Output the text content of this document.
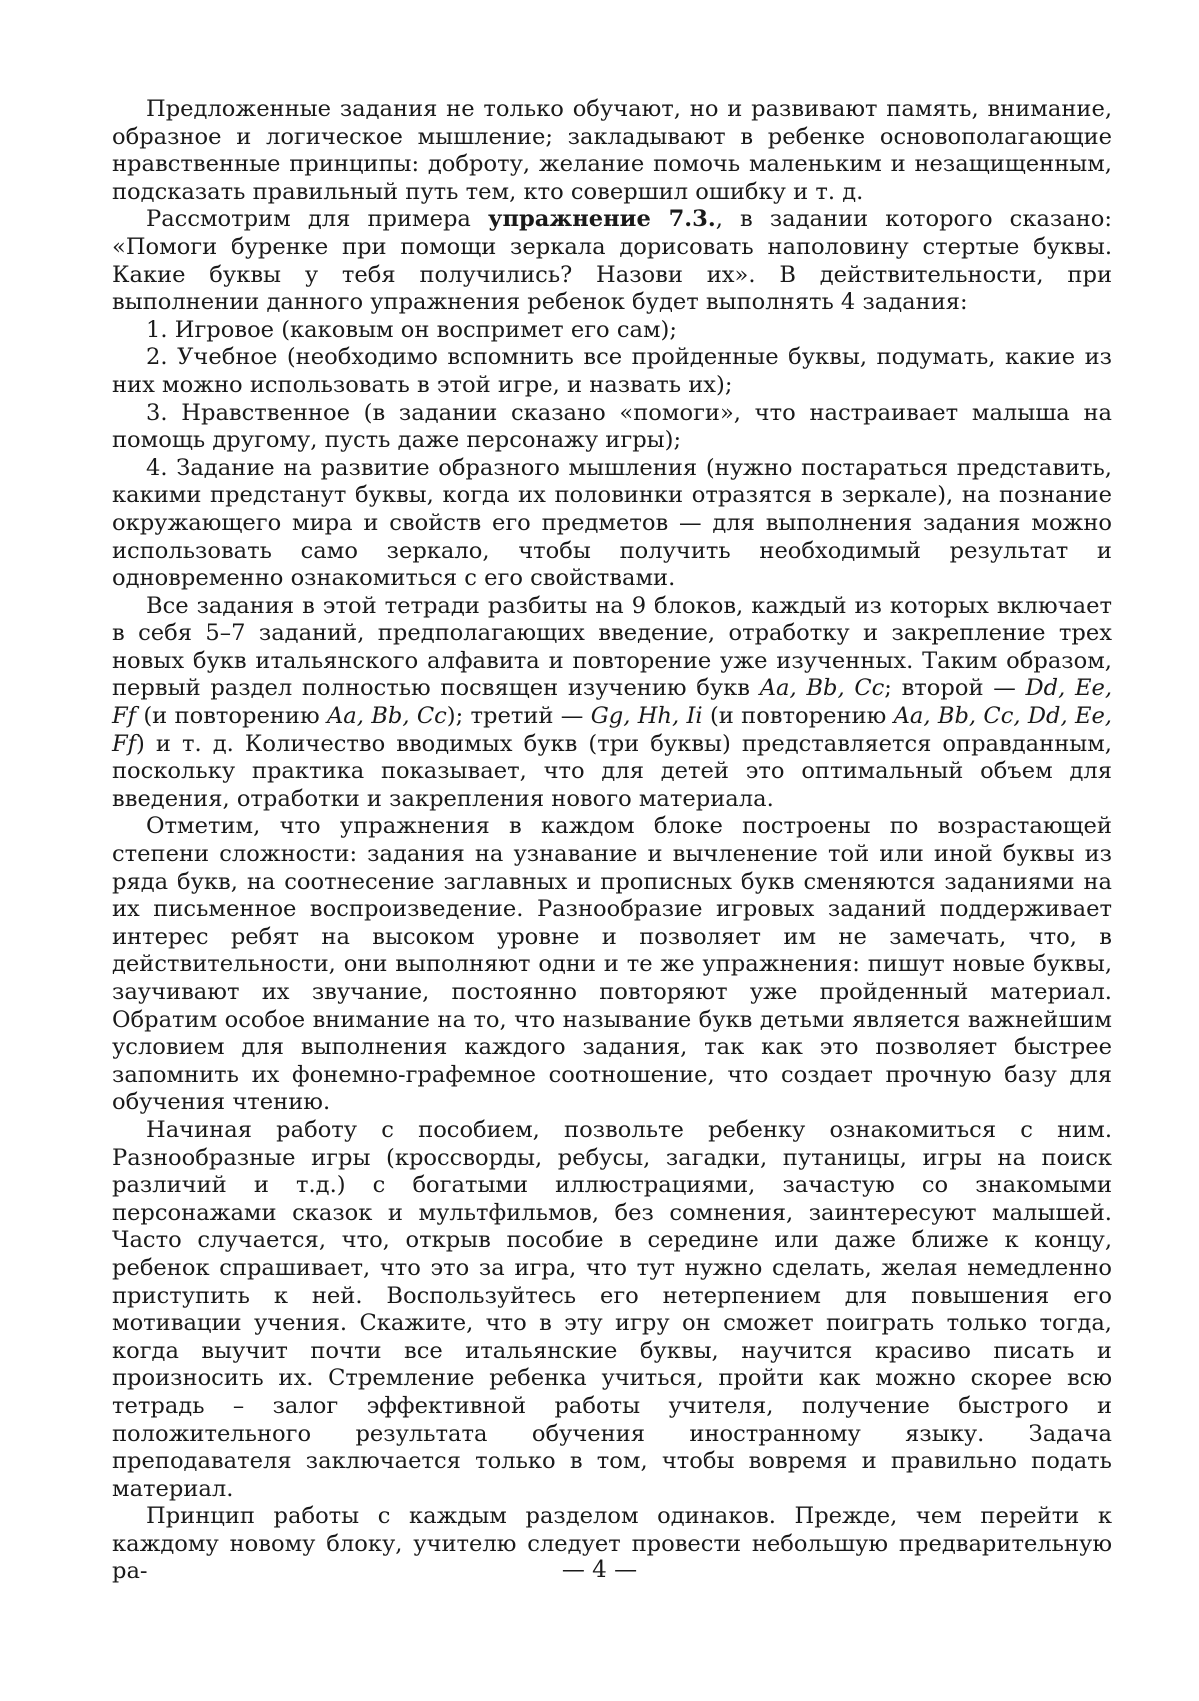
Предложенные задания не только обучают, но и развивают память, внимание, образное и логическое мышление; закладывают в ребенке основополагающие нравственные принципы: доброту, желание помочь маленьким и незащищенным, подсказать правильный путь тем, кто совершил ошибку и т. д.

Рассмотрим для примера упражнение 7.3., в задании которого сказано: «Помоги буренке при помощи зеркала дорисовать наполовину стертые буквы. Какие буквы у тебя получились? Назови их». В действительности, при выполнении данного упражнения ребенок будет выполнять 4 задания:

1. Игровое (каковым он воспримет его сам);

2. Учебное (необходимо вспомнить все пройденные буквы, подумать, какие из них можно использовать в этой игре, и назвать их);

3. Нравственное (в задании сказано «помоги», что настраивает малыша на помощь другому, пусть даже персонажу игры);

4. Задание на развитие образного мышления (нужно постараться представить, какими предстанут буквы, когда их половинки отразятся в зеркале), на познание окружающего мира и свойств его предметов — для выполнения задания можно использовать само зеркало, чтобы получить необходимый результат и одновременно ознакомиться с его свойствами.

Все задания в этой тетради разбиты на 9 блоков, каждый из которых включает в себя 5–7 заданий, предполагающих введение, отработку и закрепление трех новых букв итальянского алфавита и повторение уже изученных. Таким образом, первый раздел полностью посвящен изучению букв Aa, Bb, Cc; второй — Dd, Ee, Ff (и повторению Aa, Bb, Cc); третий — Gg, Hh, Ii (и повторению Aa, Bb, Cc, Dd, Ee, Ff) и т. д. Количество вводимых букв (три буквы) представляется оправданным, поскольку практика показывает, что для детей это оптимальный объем для введения, отработки и закрепления нового материала.

Отметим, что упражнения в каждом блоке построены по возрастающей степени сложности: задания на узнавание и вычленение той или иной буквы из ряда букв, на соотнесение заглавных и прописных букв сменяются заданиями на их письменное воспроизведение. Разнообразие игровых заданий поддерживает интерес ребят на высоком уровне и позволяет им не замечать, что, в действительности, они выполняют одни и те же упражнения: пишут новые буквы, заучивают их звучание, постоянно повторяют уже пройденный материал. Обратим особое внимание на то, что называние букв детьми является важнейшим условием для выполнения каждого задания, так как это позволяет быстрее запомнить их фонемно-графемное соотношение, что создает прочную базу для обучения чтению.

Начиная работу с пособием, позвольте ребенку ознакомиться с ним. Разнообразные игры (кроссворды, ребусы, загадки, путаницы, игры на поиск различий и т.д.) с богатыми иллюстрациями, зачастую со знакомыми персонажами сказок и мультфильмов, без сомнения, заинтересуют малышей. Часто случается, что, открыв пособие в середине или даже ближе к концу, ребенок спрашивает, что это за игра, что тут нужно сделать, желая немедленно приступить к ней. Воспользуйтесь его нетерпением для повышения его мотивации учения. Скажите, что в эту игру он сможет поиграть только тогда, когда выучит почти все итальянские буквы, научится красиво писать и произносить их. Стремление ребенка учиться, пройти как можно скорее всю тетрадь – залог эффективной работы учителя, получение быстрого и положительного результата обучения иностранному языку. Задача преподавателя заключается только в том, чтобы вовремя и правильно подать материал.

Принцип работы с каждым разделом одинаков. Прежде, чем перейти к каждому новому блоку, учителю следует провести небольшую предварительную ра-	— 4 —
